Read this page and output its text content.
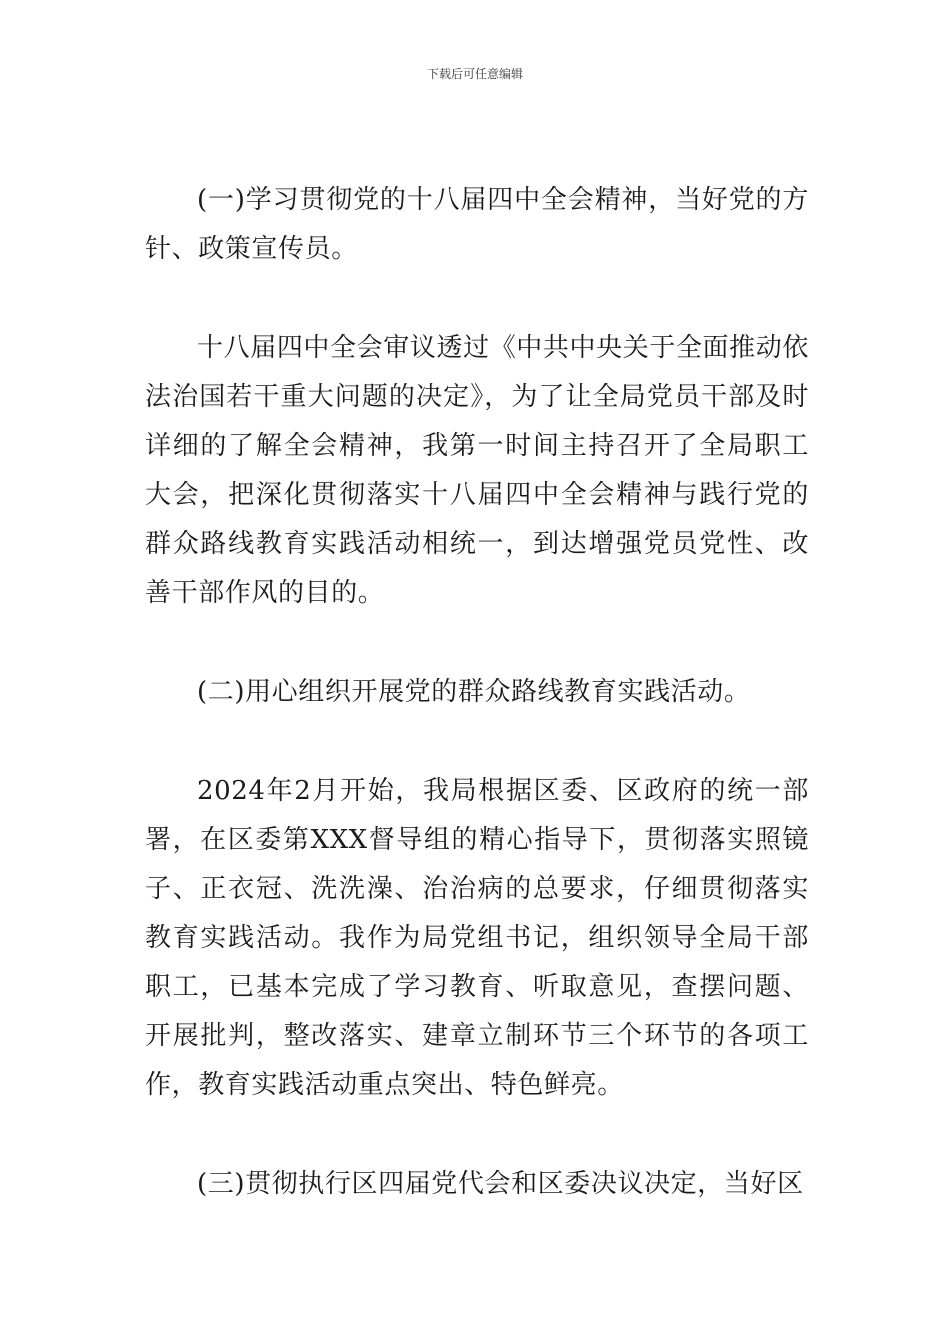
下载后可任意编辑

(一)学习贯彻党的十八届四中全会精神，当好党的方针、政策宣传员。

十八届四中全会审议透过《中共中央关于全面推动依法治国若干重大问题的决定》，为了让全局党员干部及时详细的了解全会精神，我第一时间主持召开了全局职工大会，把深化贯彻落实十八届四中全会精神与践行党的群众路线教育实践活动相统一，到达增强党员党性、改善干部作风的目的。

(二)用心组织开展党的群众路线教育实践活动。

2024年2月开始，我局根据区委、区政府的统一部署，在区委第XXX督导组的精心指导下，贯彻落实照镜子、正衣冠、洗洗澡、治治病的总要求，仔细贯彻落实教育实践活动。我作为局党组书记，组织领导全局干部职工，已基本完成了学习教育、听取意见，查摆问题、开展批判，整改落实、建章立制环节三个环节的各项工作，教育实践活动重点突出、特色鲜亮。

(三)贯彻执行区四届党代会和区委决议决定，当好区
